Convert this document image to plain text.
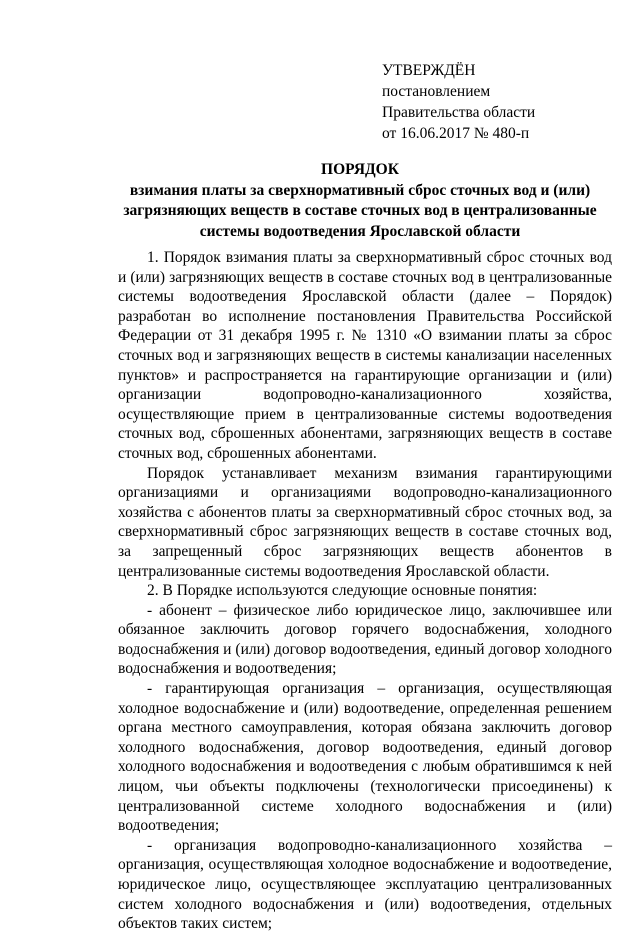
УТВЕРЖДЁН
постановлением
Правительства области
от 16.06.2017 № 480-п
ПОРЯДОК
взимания платы за сверхнормативный сброс сточных вод и (или)
загрязняющих веществ в составе сточных вод в централизованные
системы водоотведения Ярославской области

1. Порядок взимания платы за сверхнормативный сброс сточных вод и (или) загрязняющих веществ в составе сточных вод в централизованные системы водоотведения Ярославской области (далее – Порядок) разработан во исполнение постановления Правительства Российской Федерации от 31 декабря 1995 г. № 1310 «О взимании платы за сброс сточных вод и загрязняющих веществ в системы канализации населенных пунктов» и распространяется на гарантирующие организации и (или) организации водопроводно-канализационного хозяйства, осуществляющие прием в централизованные системы водоотведения сточных вод, сброшенных абонентами, загрязняющих веществ в составе сточных вод, сброшенных абонентами.

Порядок устанавливает механизм взимания гарантирующими организациями и организациями водопроводно-канализационного хозяйства с абонентов платы за сверхнормативный сброс сточных вод, за сверхнормативный сброс загрязняющих веществ в составе сточных вод, за запрещенный сброс загрязняющих веществ абонентов в централизованные системы водоотведения Ярославской области.

2. В Порядке используются следующие основные понятия:

- абонент – физическое либо юридическое лицо, заключившее или обязанное заключить договор горячего водоснабжения, холодного водоснабжения и (или) договор водоотведения, единый договор холодного водоснабжения и водоотведения;

- гарантирующая организация – организация, осуществляющая холодное водоснабжение и (или) водоотведение, определенная решением органа местного самоуправления, которая обязана заключить договор холодного водоснабжения, договор водоотведения, единый договор холодного водоснабжения и водоотведения с любым обратившимся к ней лицом, чьи объекты подключены (технологически присоединены) к централизованной системе холодного водоснабжения и (или) водоотведения;

- организация водопроводно-канализационного хозяйства – организация, осуществляющая холодное водоснабжение и водоотведение, юридическое лицо, осуществляющее эксплуатацию централизованных систем холодного водоснабжения и (или) водоотведения, отдельных объектов таких систем;
